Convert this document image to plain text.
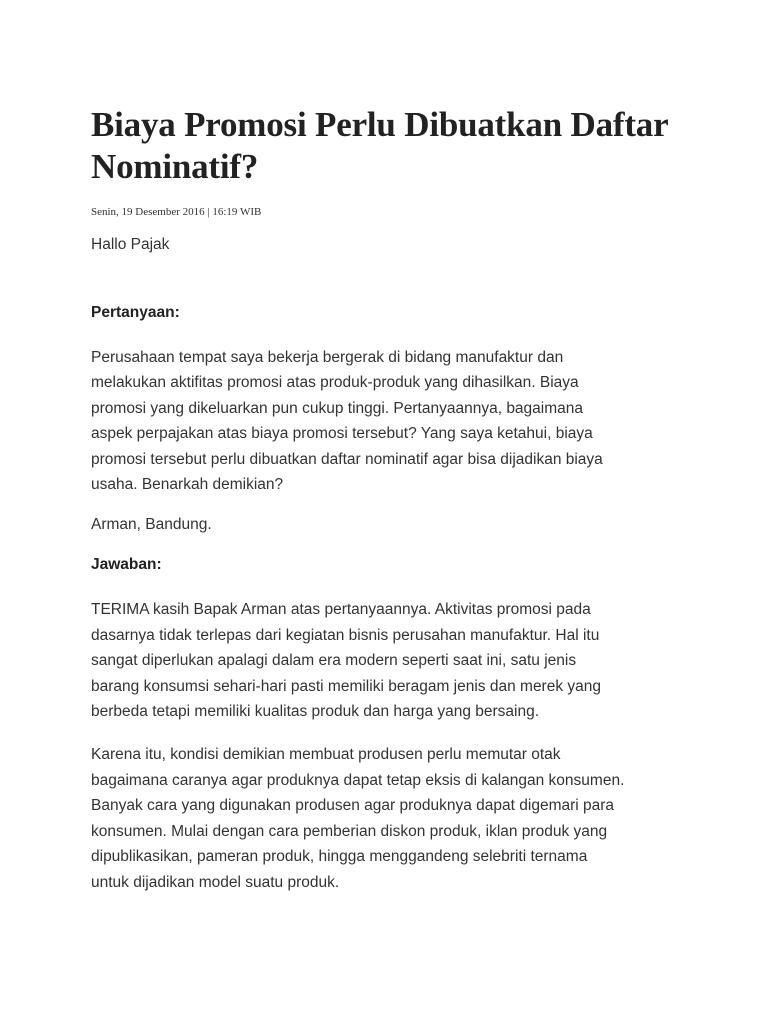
Biaya Promosi Perlu Dibuatkan Daftar
Nominatif?
Senin, 19 Desember 2016 | 16:19 WIB
Hallo Pajak
Pertanyaan:

Perusahaan tempat saya bekerja bergerak di bidang manufaktur dan
melakukan aktifitas promosi atas produk-produk yang dihasilkan. Biaya
promosi yang dikeluarkan pun cukup tinggi. Pertanyaannya, bagaimana
aspek perpajakan atas biaya promosi tersebut? Yang saya ketahui, biaya
promosi tersebut perlu dibuatkan daftar nominatif agar bisa dijadikan biaya
usaha. Benarkah demikian?

Arman, Bandung.
Jawaban:

TERIMA kasih Bapak Arman atas pertanyaannya. Aktivitas promosi pada
dasarnya tidak terlepas dari kegiatan bisnis perusahan manufaktur. Hal itu
sangat diperlukan apalagi dalam era modern seperti saat ini, satu jenis
barang konsumsi sehari-hari pasti memiliki beragam jenis dan merek yang
berbeda tetapi memiliki kualitas produk dan harga yang bersaing.

Karena itu, kondisi demikian membuat produsen perlu memutar otak
bagaimana caranya agar produknya dapat tetap eksis di kalangan konsumen.
Banyak cara yang digunakan produsen agar produknya dapat digemari para
konsumen. Mulai dengan cara pemberian diskon produk, iklan produk yang
dipublikasikan, pameran produk, hingga menggandeng selebriti ternama
untuk dijadikan model suatu produk.
